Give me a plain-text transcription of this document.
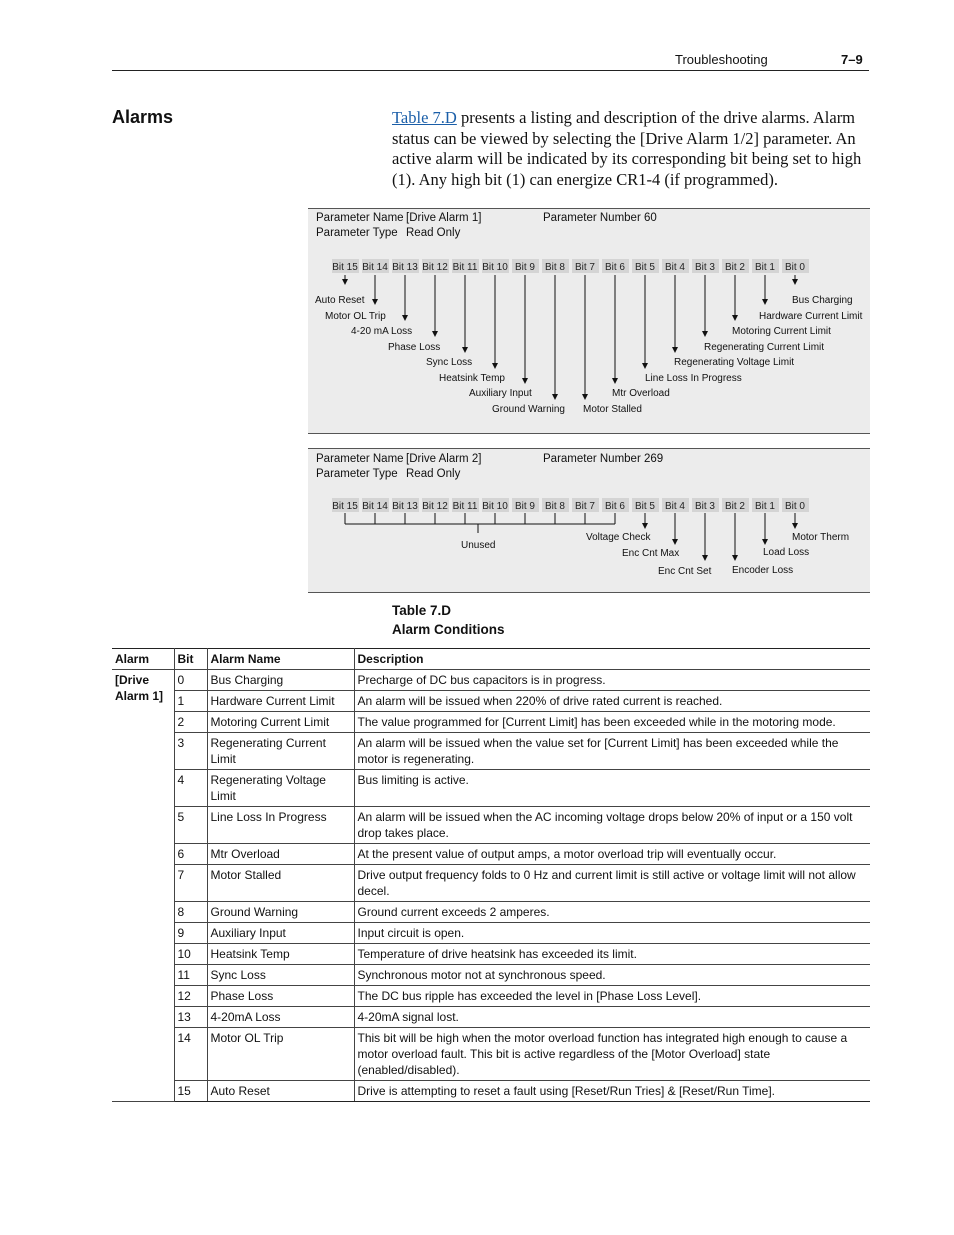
Troubleshooting	7–9
Alarms	Table 7.D presents a listing and description of the drive alarms. Alarm status can be viewed by selecting the [Drive Alarm 1/2] parameter. An active alarm will be indicated by its corresponding bit being set to high (1). Any high bit (1) can energize CR1-4 (if programmed).

Parameter Name [Drive Alarm 1]
Parameter Type Read Only
Parameter Number 60
Bit 15 Bit 14 Bit 13 Bit 12 Bit 11 Bit 10 Bit 9 Bit 8 Bit 7 Bit 6 Bit 5 Bit 4 Bit 3 Bit 2 Bit 1 Bit 0
Auto Reset
Motor OL Trip
4-20 mA Loss
Phase Loss
Sync Loss
Heatsink Temp
Auxiliary Input
Ground Warning Motor Stalled
Mtr Overload
Line Loss In Progress
Regenerating Voltage Limit
Regenerating Current Limit
Motoring Current Limit
Hardware Current Limit
Bus Charging
Parameter Name [Drive Alarm 2]
Parameter Type Read Only
Parameter Number 269
Bit 15 Bit 14 Bit 13 Bit 12 Bit 11 Bit 10 Bit 9 Bit 8 Bit 7 Bit 6 Bit 5 Bit 4 Bit 3 Bit 2 Bit 1 Bit 0
Unused
Voltage Check
Enc Cnt Max
Enc Cnt Set Encoder Loss
Load Loss
Motor Therm
Table 7.D
Alarm Conditions
Alarm	Bit	Alarm Name	Description
[Drive Alarm 1]	0	Bus Charging	Precharge of DC bus capacitors is in progress.
	1	Hardware Current Limit	An alarm will be issued when 220% of drive rated current is reached.
	2	Motoring Current Limit	The value programmed for [Current Limit] has been exceeded while in the motoring mode.
	3	Regenerating Current Limit	An alarm will be issued when the value set for [Current Limit] has been exceeded while the motor is regenerating.
	4	Regenerating Voltage Limit	Bus limiting is active.
	5	Line Loss In Progress	An alarm will be issued when the AC incoming voltage drops below 20% of input or a 150 volt drop takes place.
	6	Mtr Overload	At the present value of output amps, a motor overload trip will eventually occur.
	7	Motor Stalled	Drive output frequency folds to 0 Hz and current limit is still active or voltage limit will not allow decel.
	8	Ground Warning	Ground current exceeds 2 amperes.
	9	Auxiliary Input	Input circuit is open.
	10	Heatsink Temp	Temperature of drive heatsink has exceeded its limit.
	11	Sync Loss	Synchronous motor not at synchronous speed.
	12	Phase Loss	The DC bus ripple has exceeded the level in [Phase Loss Level].
	13	4-20mA Loss	4-20mA signal lost.
	14	Motor OL Trip	This bit will be high when the motor overload function has integrated high enough to cause a motor overload fault. This bit is active regardless of the [Motor Overload] state (enabled/disabled).
	15	Auto Reset	Drive is attempting to reset a fault using [Reset/Run Tries] & [Reset/Run Time].
